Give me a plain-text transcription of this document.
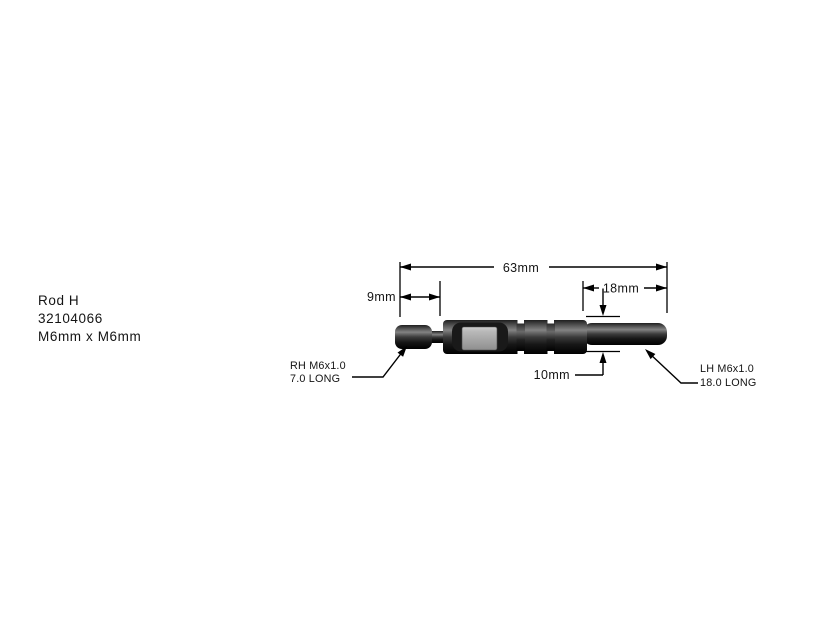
Rod H
32104066
M6mm x M6mm
63mm
9mm
18mm
10mm
RH M6x1.0
7.0 LONG
LH M6x1.0
18.0 LONG
